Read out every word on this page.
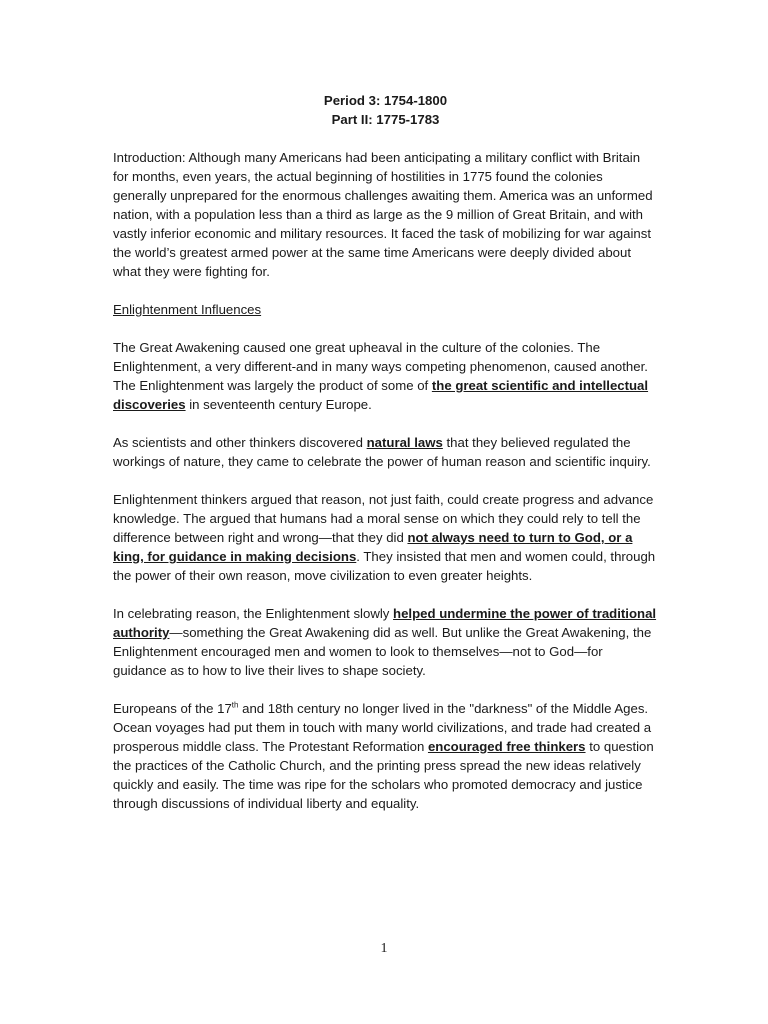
Period 3: 1754-1800

Part II: 1775-1783

Introduction: Although many Americans had been anticipating a military conflict with Britain for months, even years, the actual beginning of hostilities in 1775 found the colonies generally unprepared for the enormous challenges awaiting them. America was an unformed nation, with a population less than a third as large as the 9 million of Great Britain, and with vastly inferior economic and military resources. It faced the task of mobilizing for war against the world’s greatest armed power at the same time Americans were deeply divided about what they were fighting for.

Enlightenment Influences

The Great Awakening caused one great upheaval in the culture of the colonies. The Enlightenment, a very different-and in many ways competing phenomenon, caused another. The Enlightenment was largely the product of some of the great scientific and intellectual discoveries in seventeenth century Europe.

As scientists and other thinkers discovered natural laws that they believed regulated the workings of nature, they came to celebrate the power of human reason and scientific inquiry.

Enlightenment thinkers argued that reason, not just faith, could create progress and advance knowledge. The argued that humans had a moral sense on which they could rely to tell the difference between right and wrong—that they did not always need to turn to God, or a king, for guidance in making decisions. They insisted that men and women could, through the power of their own reason, move civilization to even greater heights.

In celebrating reason, the Enlightenment slowly helped undermine the power of traditional authority—something the Great Awakening did as well. But unlike the Great Awakening, the Enlightenment encouraged men and women to look to themselves—not to God—for guidance as to how to live their lives to shape society.

Europeans of the 17th and 18th century no longer lived in the "darkness" of the Middle Ages. Ocean voyages had put them in touch with many world civilizations, and trade had created a prosperous middle class. The Protestant Reformation encouraged free thinkers to question the practices of the Catholic Church, and the printing press spread the new ideas relatively quickly and easily. The time was ripe for the scholars who promoted democracy and justice through discussions of individual liberty and equality.

1
